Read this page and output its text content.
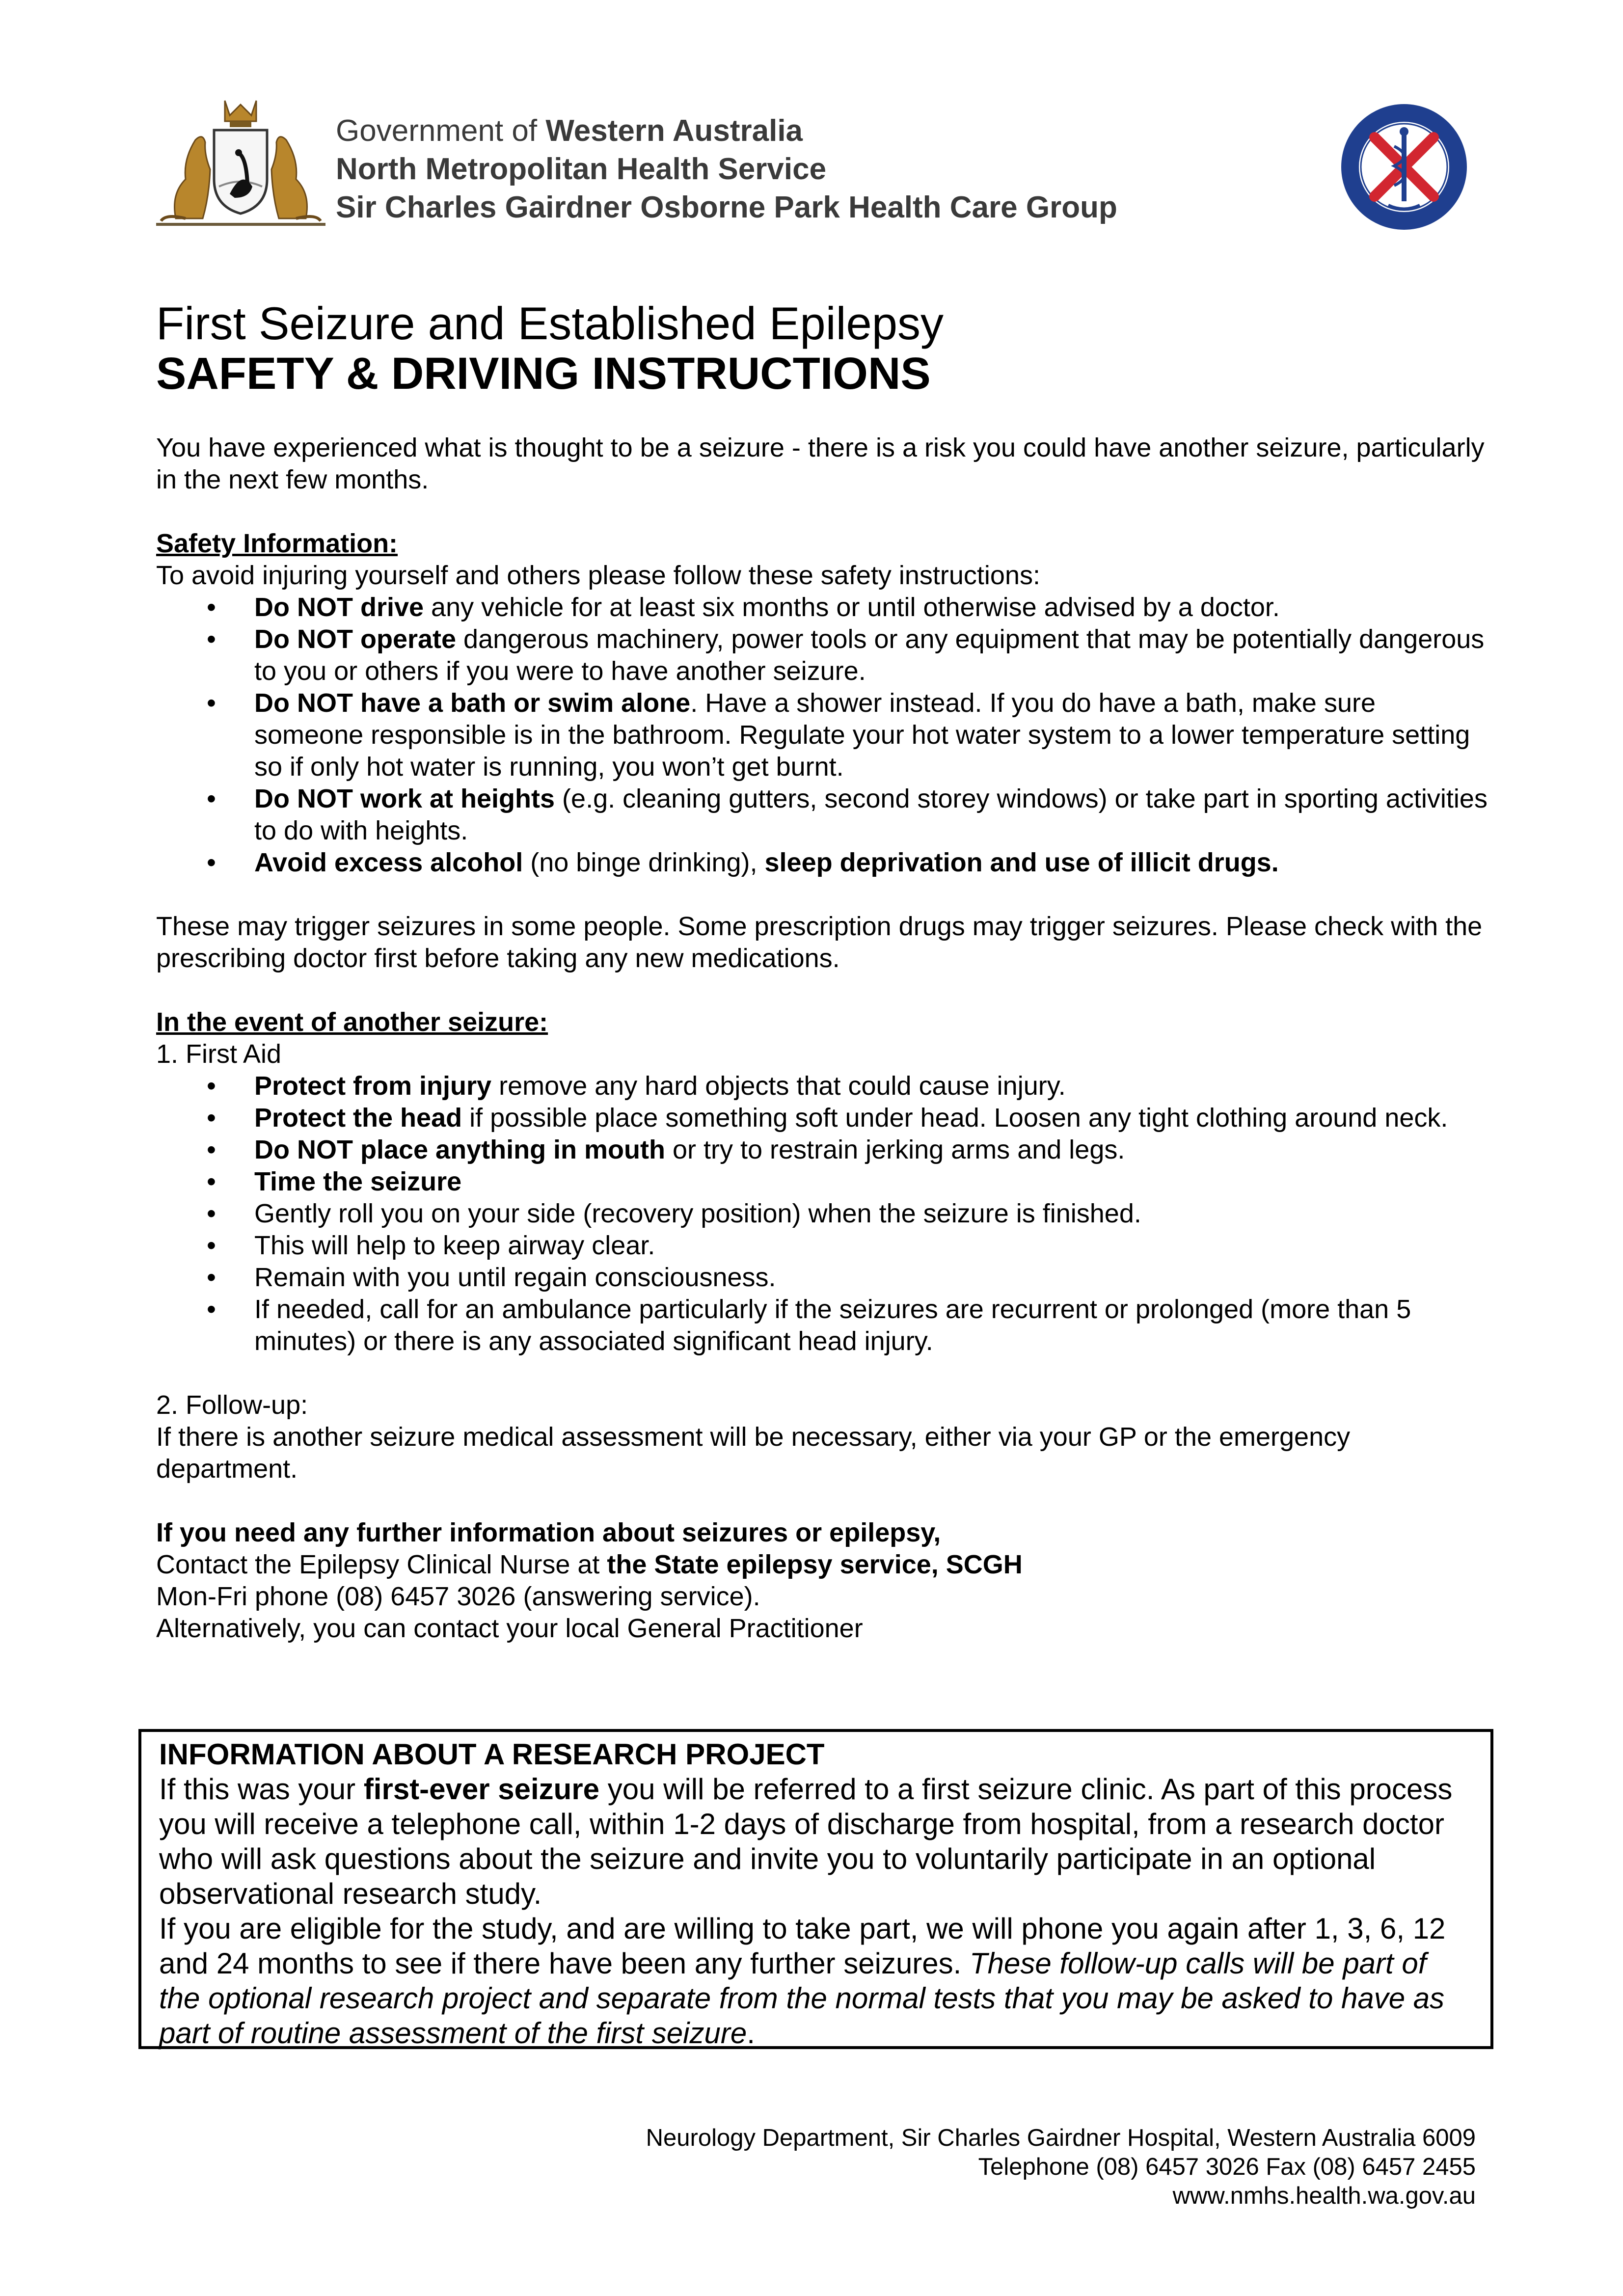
Government of Western Australia
North Metropolitan Health Service
Sir Charles Gairdner Osborne Park Health Care Group
First Seizure and Established Epilepsy
SAFETY & DRIVING INSTRUCTIONS

You have experienced what is thought to be a seizure - there is a risk you could have another seizure, particularly in the next few months.

Safety Information:

To avoid injuring yourself and others please follow these safety instructions:

• Do NOT drive any vehicle for at least six months or until otherwise advised by a doctor.
• Do NOT operate dangerous machinery, power tools or any equipment that may be potentially dangerous to you or others if you were to have another seizure.
• Do NOT have a bath or swim alone. Have a shower instead. If you do have a bath, make sure someone responsible is in the bathroom. Regulate your hot water system to a lower temperature setting so if only hot water is running, you won’t get burnt.
• Do NOT work at heights (e.g. cleaning gutters, second storey windows) or take part in sporting activities to do with heights.
• Avoid excess alcohol (no binge drinking), sleep deprivation and use of illicit drugs.

These may trigger seizures in some people. Some prescription drugs may trigger seizures. Please check with the prescribing doctor first before taking any new medications.

In the event of another seizure:

1. First Aid

• Protect from injury remove any hard objects that could cause injury.
• Protect the head if possible place something soft under head. Loosen any tight clothing around neck.
• Do NOT place anything in mouth or try to restrain jerking arms and legs.
• Time the seizure
• Gently roll you on your side (recovery position) when the seizure is finished.
• This will help to keep airway clear.
• Remain with you until regain consciousness.
• If needed, call for an ambulance particularly if the seizures are recurrent or prolonged (more than 5 minutes) or there is any associated significant head injury.

2. Follow-up:

If there is another seizure medical assessment will be necessary, either via your GP or the emergency department.

If you need any further information about seizures or epilepsy,

Contact the Epilepsy Clinical Nurse at the State epilepsy service, SCGH

Mon-Fri phone (08) 6457 3026 (answering service).

Alternatively, you can contact your local General Practitioner

INFORMATION ABOUT A RESEARCH PROJECT

If this was your first-ever seizure you will be referred to a first seizure clinic. As part of this process you will receive a telephone call, within 1-2 days of discharge from hospital, from a research doctor who will ask questions about the seizure and invite you to voluntarily participate in an optional observational research study.

If you are eligible for the study, and are willing to take part, we will phone you again after 1, 3, 6, 12 and 24 months to see if there have been any further seizures. These follow-up calls will be part of the optional research project and separate from the normal tests that you may be asked to have as part of routine assessment of the first seizure.

Neurology Department, Sir Charles Gairdner Hospital, Western Australia 6009
Telephone (08) 6457 3026 Fax (08) 6457 2455
www.nmhs.health.wa.gov.au
